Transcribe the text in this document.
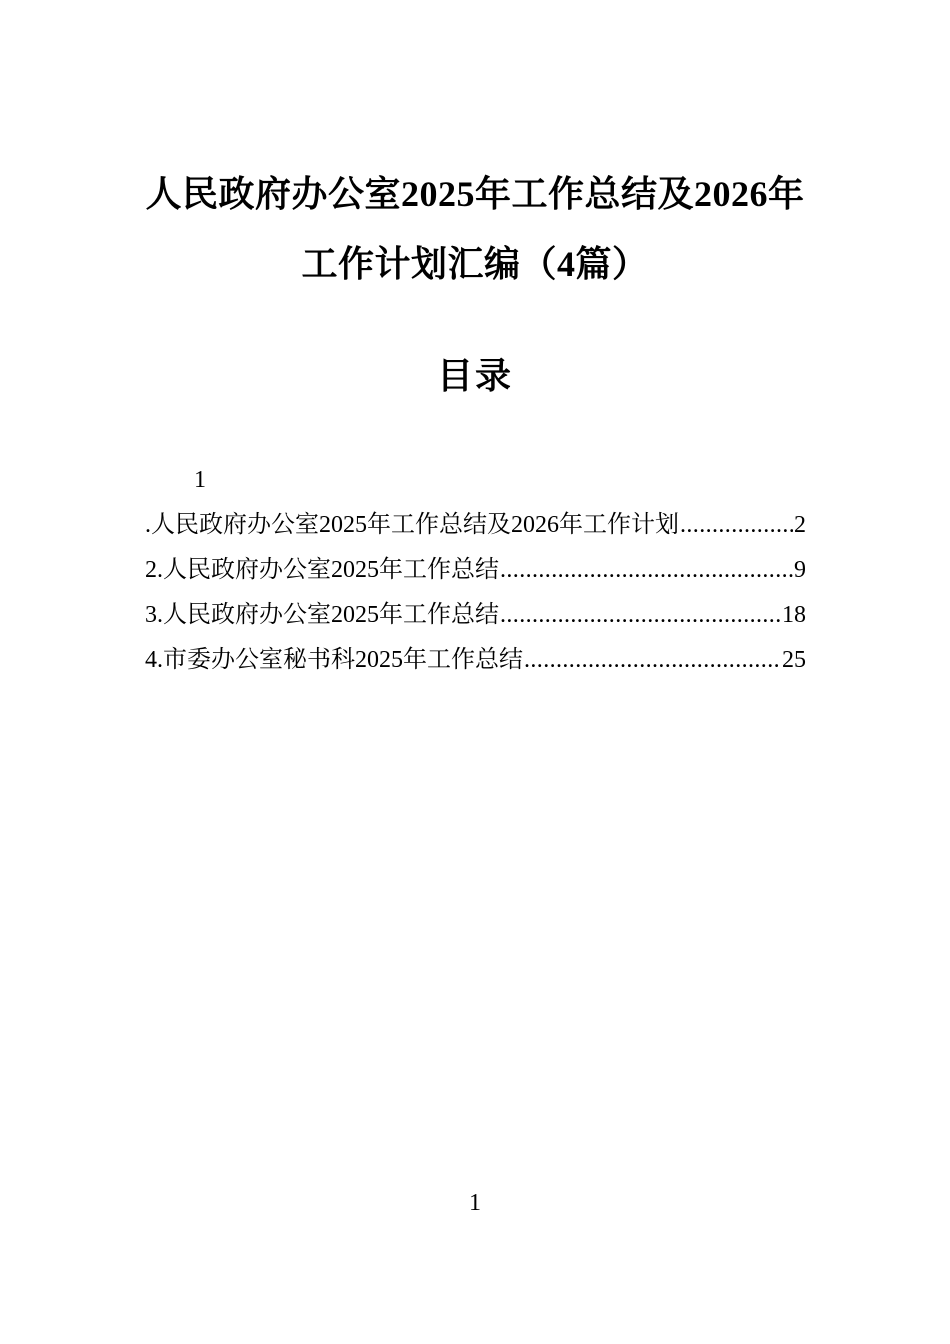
人民政府办公室2025年工作总结及2026年
工作计划汇编（4篇）
目录
1
.人民政府办公室2025年工作总结及2026年工作计划 .....	2
2.人民政府办公室2025年工作总结 .....	9
3.人民政府办公室2025年工作总结 .....	18
4.市委办公室秘书科2025年工作总结 .....	25
1
